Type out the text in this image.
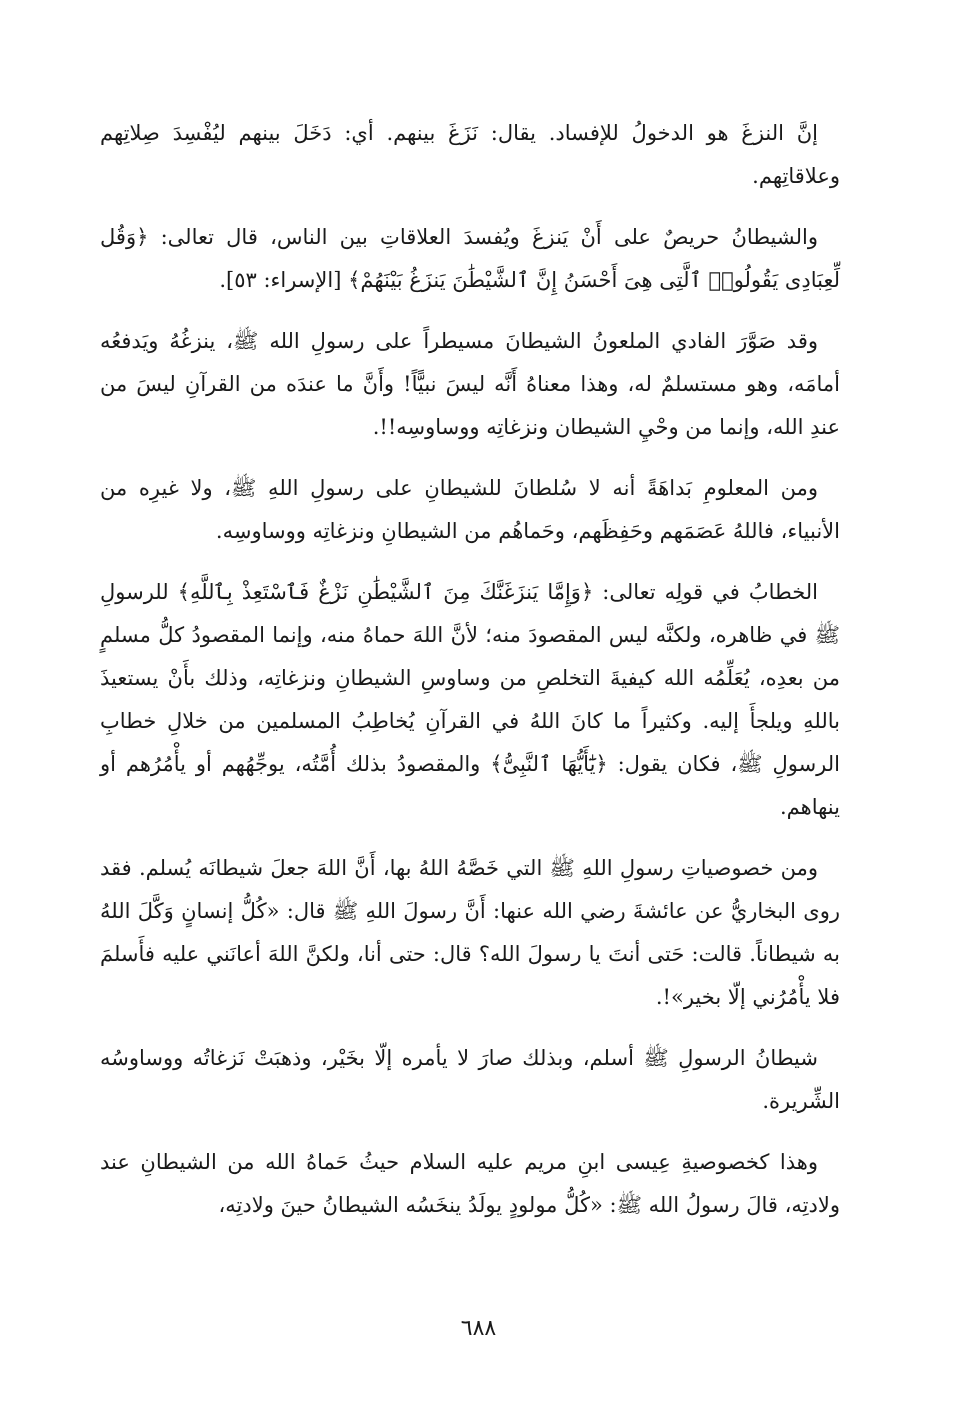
إنَّ النزغَ هو الدخولُ للإفساد. يقال: نَزَغَ بينهم. أي: دَخَلَ بينهم ليُفْسِدَ صِلاتِهم وعلاقاتِهم.

والشيطانُ حريصٌ على أَنْ يَنزغَ ويُفسدَ العلاقاتِ بين الناس، قال تعالى: ﴿وَقُل لِّعِبَادِى يَقُولُوا۟ ٱلَّتِى هِىَ أَحْسَنُ إِنَّ ٱلشَّيْطَٰنَ يَنزَغُ بَيْنَهُمْ﴾ [الإسراء: ٥٣].

وقد صَوَّرَ الفادي الملعونُ الشيطانَ مسيطراً على رسولِ الله ﷺ، ينزغُهُ ويَدفعُه أمامَه، وهو مستسلمٌ له، وهذا معناهُ أَنَّه ليسَ نبيًّاً! وأَنَّ ما عندَه من القرآنِ ليسَ من عندِ الله، وإنما من وحْيِ الشيطان ونزغاتِه ووساوسِه!!.

ومن المعلومِ بَداهَةً أنه لا سُلطانَ للشيطانِ على رسولِ اللهِ ﷺ، ولا غيرِه من الأنبياء، فاللهُ عَصَمَهم وحَفِظَهم، وحَماهُم من الشيطانِ ونزغاتِه ووساوسِه.

الخطابُ في قولِه تعالى: ﴿وَإِمَّا يَنزَغَنَّكَ مِنَ ٱلشَّيْطَٰنِ نَزْغٌ فَٱسْتَعِذْ بِٱللَّهِ﴾ للرسولِ ﷺ في ظاهره، ولكنَّه ليس المقصودَ منه؛ لأنَّ اللهَ حماهُ منه، وإنما المقصودُ كلُّ مسلمٍ من بعدِه، يُعَلِّمُه الله كيفيةَ التخلصِ من وساوسِ الشيطانِ ونزغاتِه، وذلك بأَنْ يستعيذَ باللهِ ويلجأَ إليه. وكثيراً ما كانَ اللهُ في القرآنِ يُخاطِبُ المسلمين من خلالِ خطابِ الرسولِ ﷺ، فكان يقول: ﴿يَٰٓأَيُّهَا ٱلنَّبِىُّ﴾ والمقصودُ بذلك أُمَّتُه، يوجِّهُهم أو يأْمُرُهم أو ينهاهم.

ومن خصوصياتِ رسولِ اللهِ ﷺ التي خَصَّهُ اللهُ بها، أَنَّ اللهَ جعلَ شيطانَه يُسلم. فقد روى البخاريُّ عن عائشةَ رضي الله عنها: أَنَّ رسولَ اللهِ ﷺ قال: «كُلُّ إنسانٍ وَكَّلَ اللهُ به شيطاناً. قالت: حَتى أنتَ يا رسولَ الله؟ قال: حتى أنا، ولكنَّ اللهَ أعانَني عليه فأَسلمَ فلا يأْمُرُني إلّا بخير»!.

شيطانُ الرسولِ ﷺ أسلم، وبذلك صارَ لا يأمره إلّا بخَيْر، وذهبَتْ نَزغاتُه ووساوسُه الشِّريرة.

وهذا كخصوصيةِ عِيسى ابنِ مريم عليه السلام حيثُ حَماهُ الله من الشيطانِ عند ولادتِه، قالَ رسولُ الله ﷺ: «كُلُّ مولودٍ يولَدُ ينخَسُه الشيطانُ حينَ ولادتِه،

٦٨٨
